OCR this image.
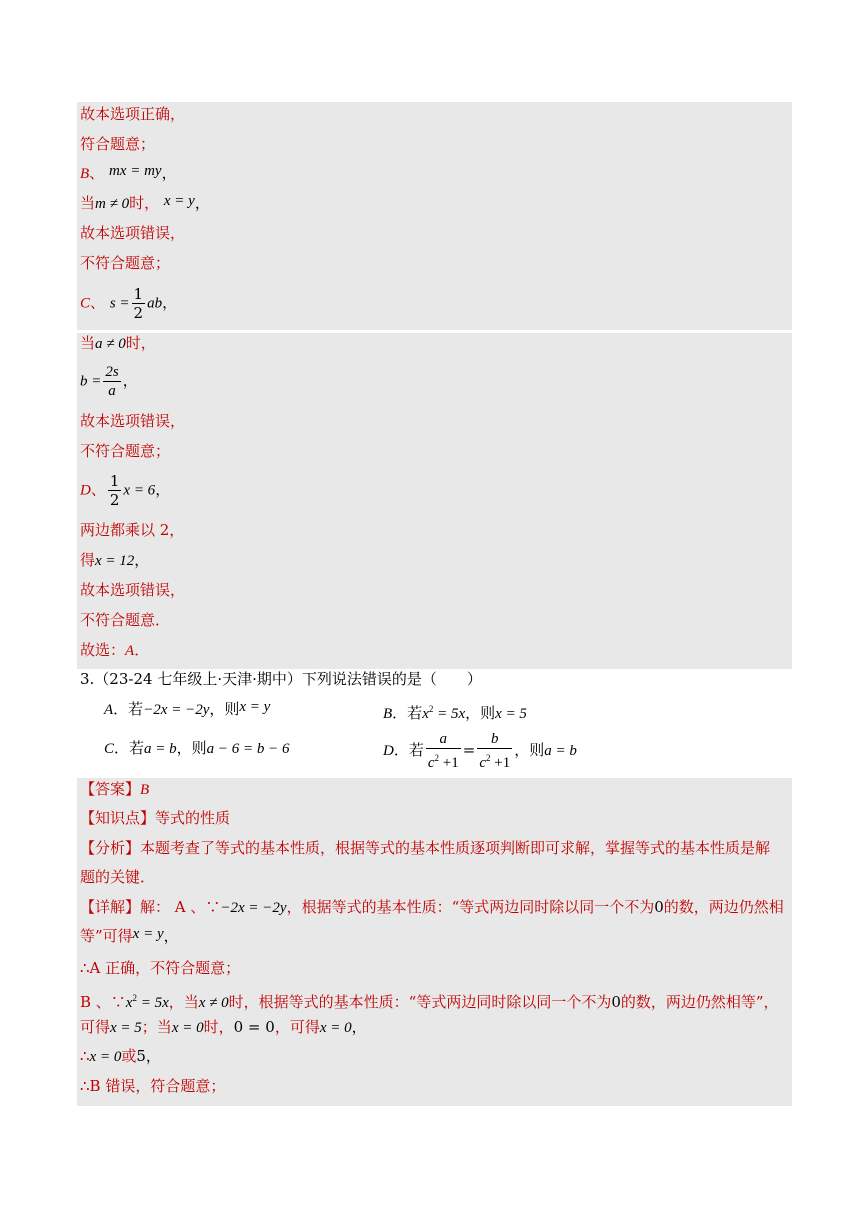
故本选项正确，
符合题意；
B、 mx = my，
当m ≠ 0时， x = y，
故本选项错误，
不符合题意；
C、 $s = \frac{1}{2}$ ab，
当a ≠ 0时，
$b = \frac{2s}{a}$ ，
故本选项错误，
不符合题意；
D、 $\frac{1}{2}$ x = 6，
两边都乘以 2，
得x = 12，
故本选项错误，
不符合题意．
故选：A．
3.（23-24 七年级上·天津·期中）下列说法错误的是（　　）
A．若−2x = −2y，则x = y	B．若$x^2 = 5x$，则x = 5
C．若a = b，则a − 6 = b − 6	D．若 $\frac{a}{c^2 +1} = \frac{b}{c^2 +1}$ ，则a = b
【答案】B
【知识点】等式的性质
【分析】本题考查了等式的基本性质，根据等式的基本性质逐项判断即可求解，掌握等式的基本性质是解
题的关键．
【详解】解： A 、∵−2x = −2y，根据等式的基本性质：“等式两边同时除以同一个不为0的数，两边仍然相
等”可得x = y，
∴A 正确，不符合题意；
B 、$\because x^2 = 5x$，当x ≠ 0时，根据等式的基本性质：“等式两边同时除以同一个不为0的数，两边仍然相等”，
可得x = 5；当x = 0时，0 = 0，可得x = 0，
∴x = 0或5，
∴B 错误，符合题意；
